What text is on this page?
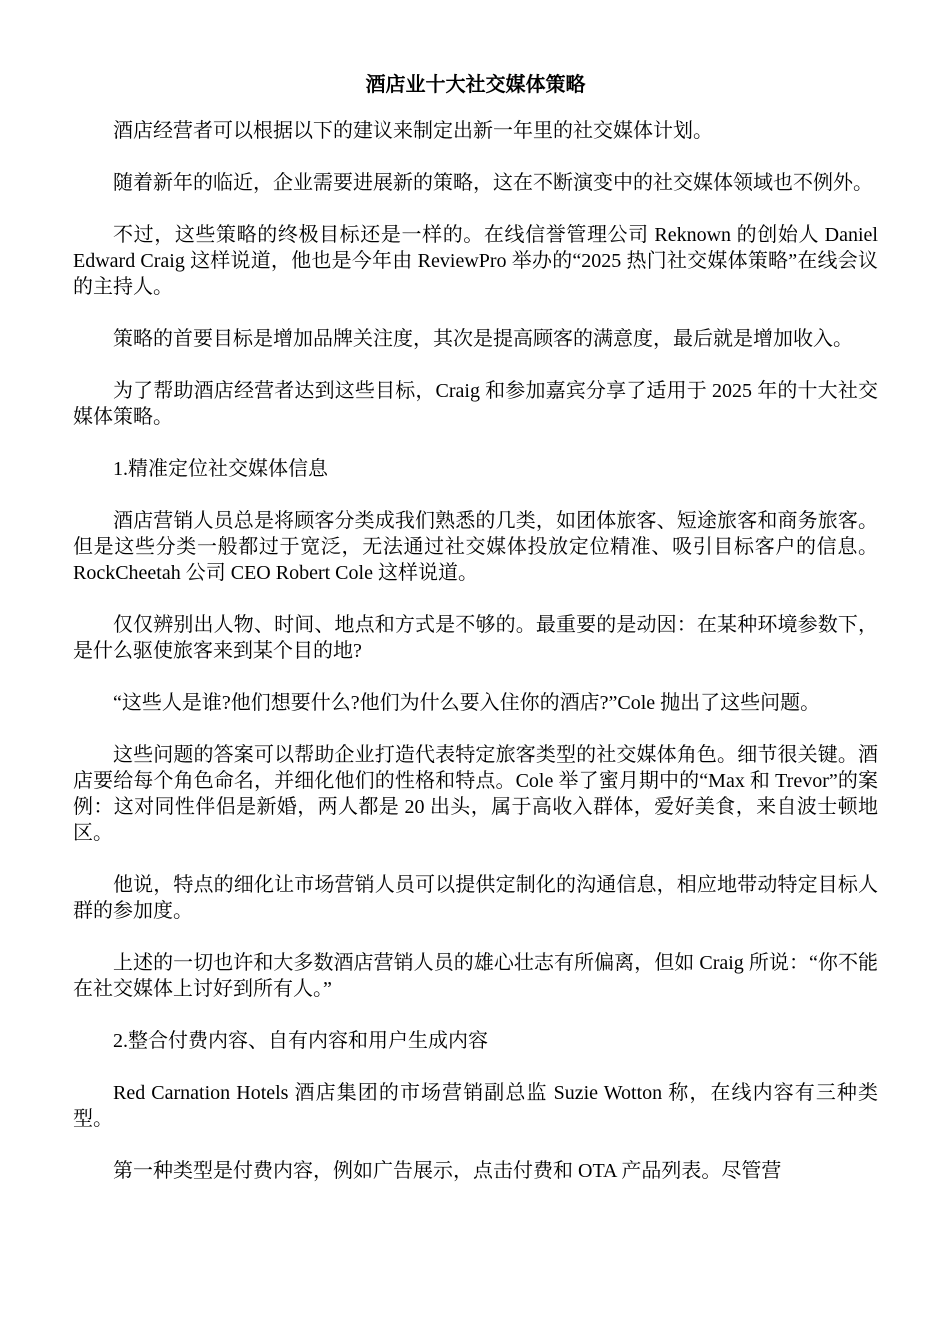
酒店业十大社交媒体策略

酒店经营者可以根据以下的建议来制定出新一年里的社交媒体计划。

随着新年的临近，企业需要进展新的策略，这在不断演变中的社交媒体领域也不例外。

不过，这些策略的终极目标还是一样的。在线信誉管理公司 Reknown 的创始人 Daniel Edward Craig 这样说道，他也是今年由 ReviewPro 举办的“2025 热门社交媒体策略”在线会议的主持人。

策略的首要目标是增加品牌关注度，其次是提高顾客的满意度，最后就是增加收入。

为了帮助酒店经营者达到这些目标，Craig 和参加嘉宾分享了适用于 2025 年的十大社交媒体策略。

1.精准定位社交媒体信息

酒店营销人员总是将顾客分类成我们熟悉的几类，如团体旅客、短途旅客和商务旅客。但是这些分类一般都过于宽泛，无法通过社交媒体投放定位精准、吸引目标客户的信息。RockCheetah 公司 CEO Robert Cole 这样说道。

仅仅辨别出人物、时间、地点和方式是不够的。最重要的是动因：在某种环境参数下，是什么驱使旅客来到某个目的地?

“这些人是谁?他们想要什么?他们为什么要入住你的酒店?”Cole 抛出了这些问题。

这些问题的答案可以帮助企业打造代表特定旅客类型的社交媒体角色。细节很关键。酒店要给每个角色命名，并细化他们的性格和特点。Cole 举了蜜月期中的“Max 和 Trevor”的案例：这对同性伴侣是新婚，两人都是 20 出头，属于高收入群体，爱好美食，来自波士顿地区。

他说，特点的细化让市场营销人员可以提供定制化的沟通信息，相应地带动特定目标人群的参加度。

上述的一切也许和大多数酒店营销人员的雄心壮志有所偏离，但如 Craig 所说：“你不能在社交媒体上讨好到所有人。”

2.整合付费内容、自有内容和用户生成内容

Red Carnation Hotels 酒店集团的市场营销副总监 Suzie Wotton 称，在线内容有三种类型。

第一种类型是付费内容，例如广告展示，点击付费和 OTA 产品列表。尽管营
